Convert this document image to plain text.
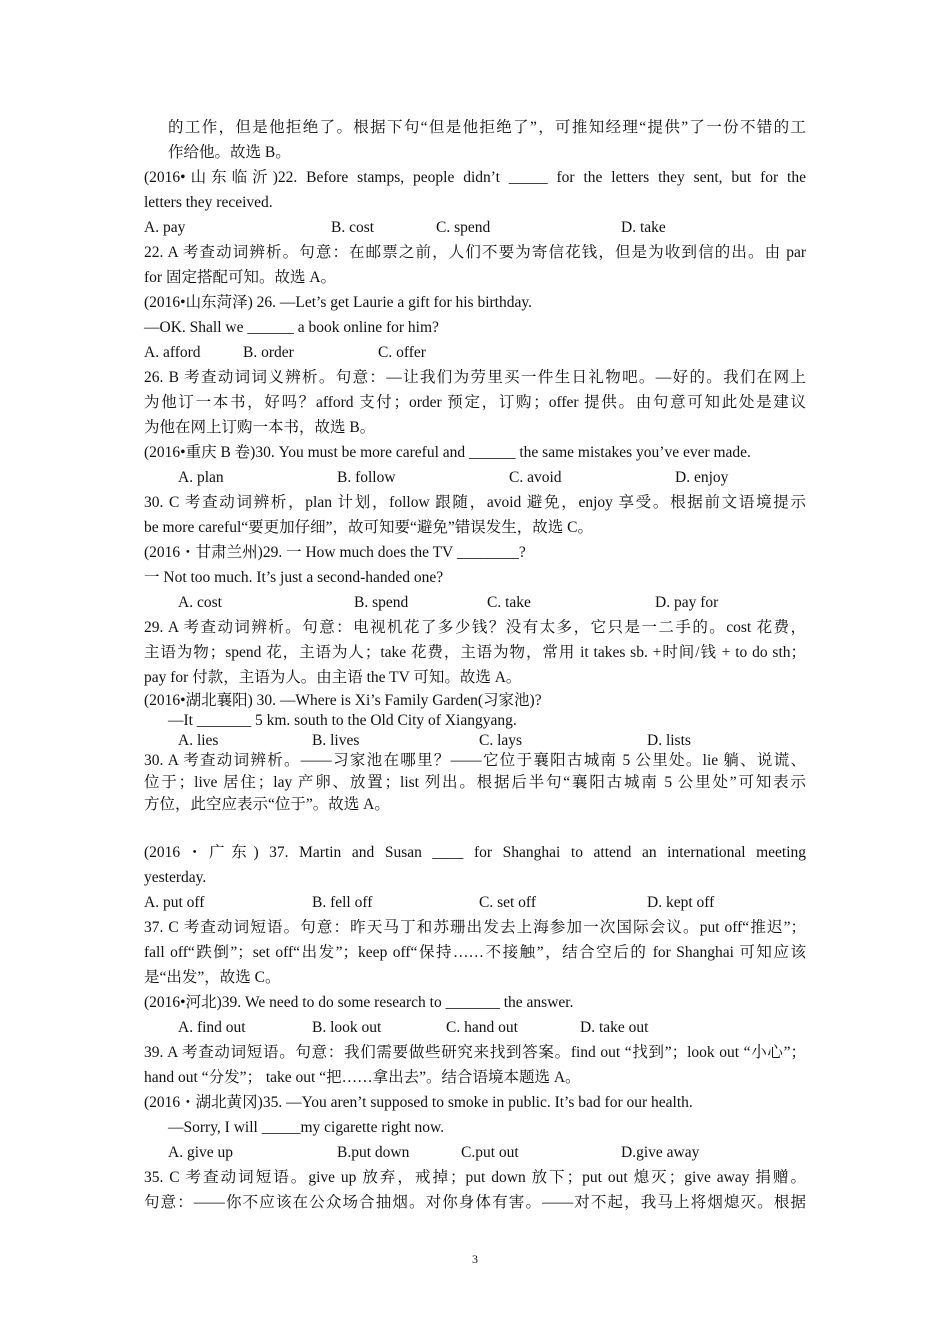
的工作，但是他拒绝了。根据下句“但是他拒绝了”，可推知经理“提供”了一份不错的工
作给他。故选 B。
(2016•山东临沂)22. Before stamps, people didn’t _____ for the letters they sent, but for the
letters they received.
A. pay	B. cost	C. spend	D. take
22. A 考查动词辨析。句意：在邮票之前，人们不要为寄信花钱，但是为收到信的出。由 par
for 固定搭配可知。故选 A。
(2016•山东菏泽) 26. —Let’s get Laurie a gift for his birthday.
—OK. Shall we ______ a book online for him?
A. afford	B. order	C. offer
26. B 考查动词词义辨析。句意：—让我们为劳里买一件生日礼物吧。—好的。我们在网上
为他订一本书，好吗？afford 支付；order 预定，订购；offer 提供。由句意可知此处是建议
为他在网上订购一本书，故选 B。
(2016•重庆 B 卷)30. You must be more careful and ______ the same mistakes you’ve ever made.
A. plan	B. follow	C. avoid	D. enjoy
30. C 考查动词辨析，plan 计划，follow 跟随，avoid 避免，enjoy 享受。根据前文语境提示
be more careful“要更加仔细”，故可知要“避免”错误发生，故选 C。
(2016・甘肃兰州)29. 一 How much does the TV ________?
一 Not too much. It’s just a second-handed one?
A. cost	B. spend	C. take	D. pay for
29. A 考查动词辨析。句意：电视机花了多少钱？没有太多，它只是一二手的。cost 花费，
主语为物；spend 花，主语为人；take 花费，主语为物，常用 it takes sb. +时间/钱 + to do sth；
pay for 付款，主语为人。由主语 the TV 可知。故选 A。
(2016•湖北襄阳) 30. —Where is Xi’s Family Garden(习家池)?
—It _______ 5 km. south to the Old City of Xiangyang.
A. lies	B. lives	C. lays	D. lists
30. A 考查动词辨析。——习家池在哪里？——它位于襄阳古城南 5 公里处。lie 躺、说谎、
位于；live 居住；lay 产卵、放置；list 列出。根据后半句“襄阳古城南 5 公里处”可知表示
方位，此空应表示“位于”。故选 A。
(2016・广东) 37. Martin and Susan ____ for Shanghai to attend an international meeting
yesterday.
A. put off	B. fell off	C. set off	D. kept off
37. C 考查动词短语。句意：昨天马丁和苏珊出发去上海参加一次国际会议。put off“推迟”；
fall off“跌倒”；set off“出发”；keep off“保持……不接触”，结合空后的 for Shanghai 可知应该
是“出发”，故选 C。
(2016•河北)39. We need to do some research to _______ the answer.
A. find out	B. look out	C. hand out	D. take out
39. A 考查动词短语。句意：我们需要做些研究来找到答案。find out “找到”；look out “小心”；
hand out “分发”； take out “把……拿出去”。结合语境本题选 A。
(2016・湖北黄冈)35. —You aren’t supposed to smoke in public. It’s bad for our health.
—Sorry, I will _____my cigarette right now.
A. give up	B.put down	C.put out	D.give away
35. C 考查动词短语。give up 放弃，戒掉；put down 放下；put out 熄灭；give away 捐赠。
句意：——你不应该在公众场合抽烟。对你身体有害。——对不起，我马上将烟熄灭。根据
3
